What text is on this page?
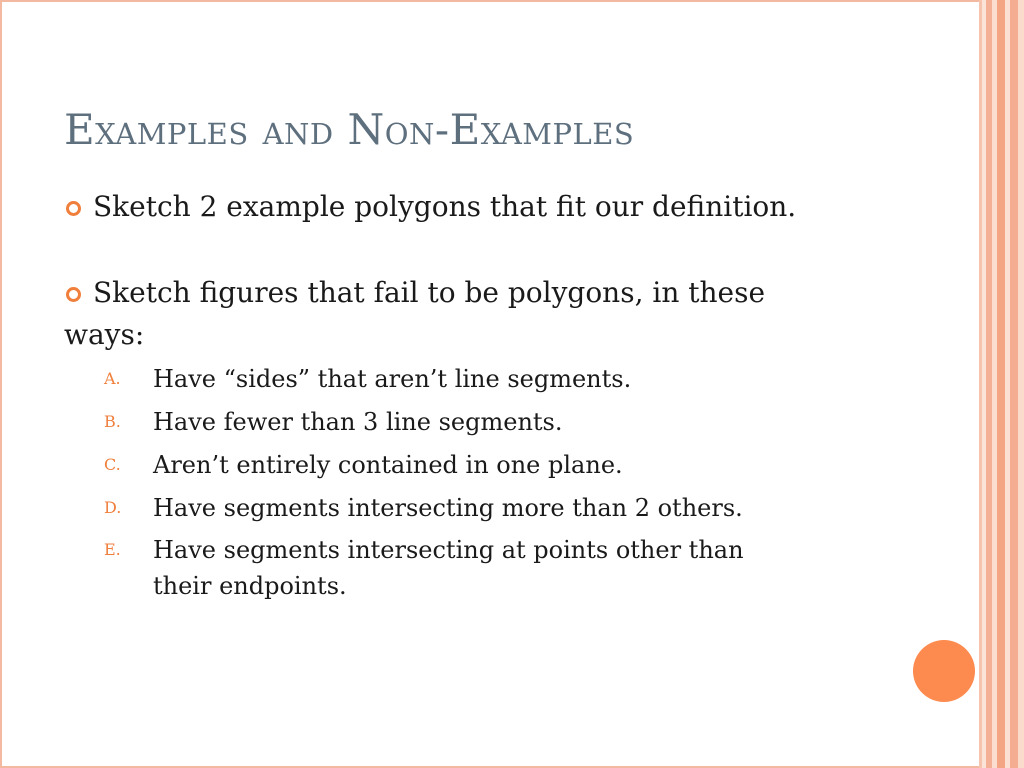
Examples and Non-Examples

Sketch 2 example polygons that fit our definition.

Sketch figures that fail to be polygons, in these
ways:

A. Have “sides” that aren’t line segments.
B. Have fewer than 3 line segments.
C. Aren’t entirely contained in one plane.
D. Have segments intersecting more than 2 others.
E. Have segments intersecting at points other than
their endpoints.
